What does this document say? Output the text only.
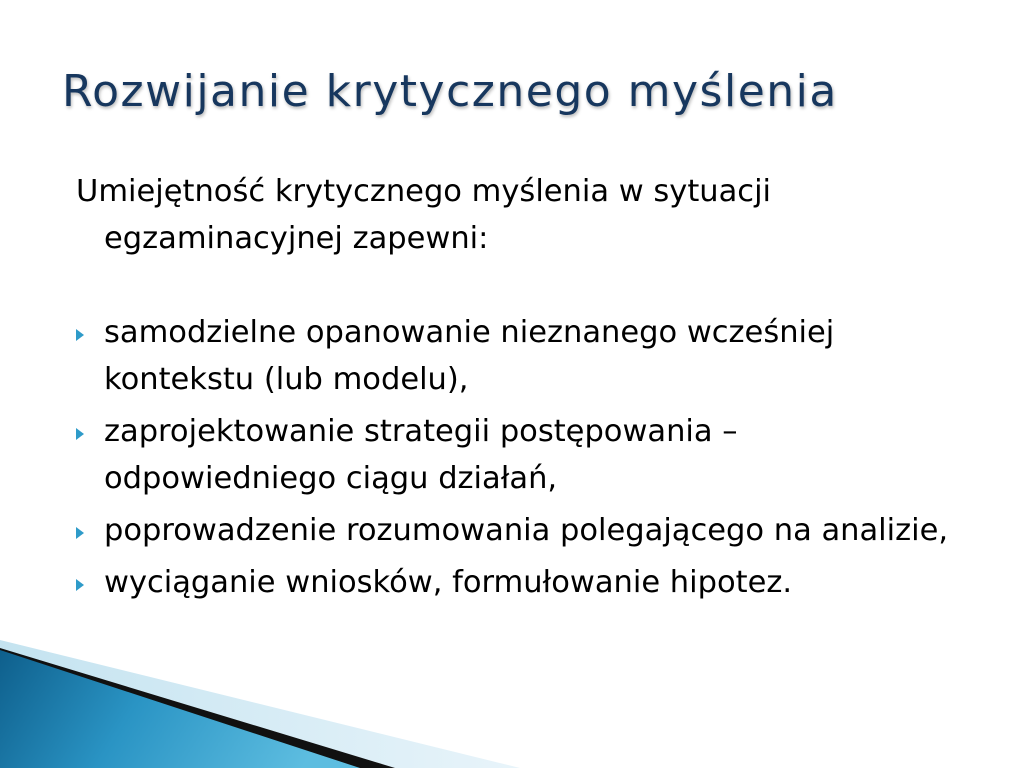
Rozwijanie krytycznego myślenia

Umiejętność krytycznego myślenia w sytuacji egzaminacyjnej zapewni:

samodzielne opanowanie nieznanego wcześniej kontekstu (lub modelu),
zaprojektowanie strategii postępowania – odpowiedniego ciągu działań,
poprowadzenie rozumowania polegającego na analizie,
wyciąganie wniosków, formułowanie hipotez.
